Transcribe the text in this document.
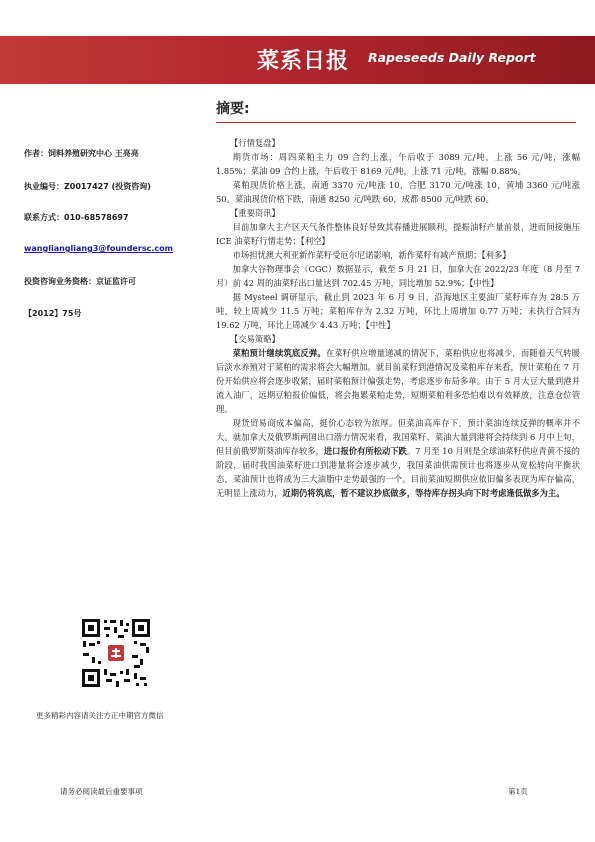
菜系日报 Rapeseeds Daily Report
摘要:
作者：饲料养殖研究中心 王亮亮
执业编号：Z0017427 (投资咨询)
联系方式：010-68578697
wangliangliang3@foundersc.com
投资咨询业务资格：京证监许可
【2012】75号

【行情复盘】

期货市场：周四菜粕主力 09 合约上涨，午后收于 3089 元/吨，上涨 56 元/吨，涨幅 1.85%；菜油 09 合约上涨，午后收于 8169 元/吨，上涨 71 元/吨，涨幅 0.88%。

菜粕现货价格上涨，南通 3370 元/吨涨 10，合肥 3170 元/吨涨 10，黄埔 3360 元/吨涨 50。菜油现货价格下跌，南通 8250 元/吨跌 60，成都 8500 元/吨跌 60。

【重要资讯】

目前加拿大主产区天气条件整体良好导致其春播进展顺利，提振油籽产量前景，进而间接施压 ICE 油菜籽行情走势；【利空】

市场担忧澳大利亚新作菜籽受厄尔尼诺影响，新作菜籽有减产预期；【利多】

加拿大谷物理事会（CGC）数据显示，截至 5 月 21 日，加拿大在 2022/23 年度（8 月至 7 月）前 42 周的油菜籽出口量达到 702.45 万吨，同比增加 52.9%；【中性】

据 Mysteel 调研显示，截止到 2023 年 6 月 9 日，沿海地区主要油厂菜籽库存为 28.5 万吨，较上周减少 11.5 万吨；菜粕库存为 2.32 万吨，环比上周增加 0.77 万吨；未执行合同为 19.62 万吨，环比上周减少 4.43 万吨；【中性】

【交易策略】

菜粕预计继续筑底反弹。在菜籽供应增量递减的情况下，菜粕供应也将减少，而随着天气转暖后淡水养殖对于菜粕的需求将会大幅增加。就目前菜籽到港情况及菜粕库存来看，预计菜粕在 7 月份开始供应将会逐步收紧，届时菜粕预计偏强走势，考虑逐步布局多单。由于 5 月大豆大量到港并流入油厂，远期豆粕报价偏低，将会拖累菜粕走势，短期菜粕利多恐怕难以有效释放，注意仓位管理。

现货贸易商成本偏高，挺价心态较为浓厚。但菜油高库存下，预计菜油连续反弹的概率并不大。就加拿大及俄罗斯两国出口潜力情况来看，我国菜籽、菜油大量到港将会持续到 6 月中上旬，但目前俄罗斯葵油库存较多，进口报价有所松动下跌。7 月至 10 月则是全球油菜籽供应青黄不接的阶段，届时我国油菜籽进口到港量将会逐步减少，我国菜油供需预计也将逐步从宽松转向平衡状态，菜油预计也将成为三大油脂中走势最强的一个。目前菜油短期供应依旧偏多表现为库存偏高，无明显上涨动力，近期仍将筑底，暂不建议抄底做多，等待库存拐头向下时考虑逢低做多为主。

更多精彩内容请关注方正中期官方微信
请务必阅读最后重要事项	第1页
